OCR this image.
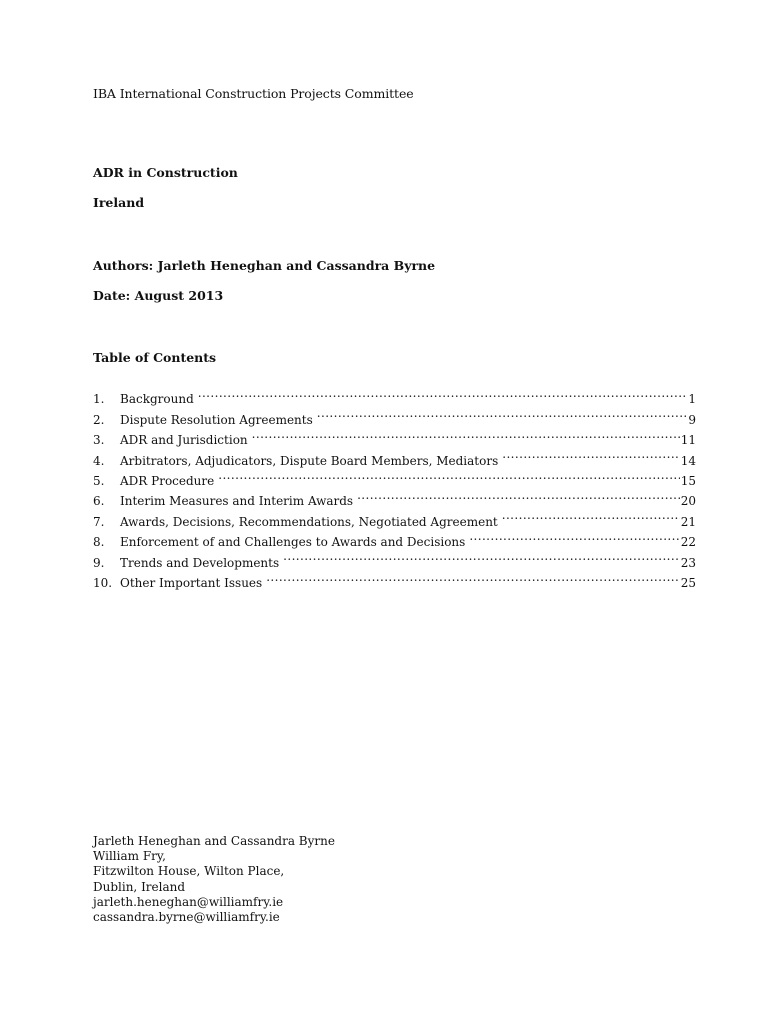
IBA International Construction Projects Committee
ADR in Construction
Ireland
Authors: Jarleth Heneghan and Cassandra Byrne
Date: August 2013
Table of Contents
1.	Background .....	1
2.	Dispute Resolution Agreements .....	9
3.	ADR and Jurisdiction .....	11
4.	Arbitrators, Adjudicators, Dispute Board Members, Mediators .....	14
5.	ADR Procedure .....	15
6.	Interim Measures and Interim Awards .....	20
7.	Awards, Decisions, Recommendations, Negotiated Agreement .....	21
8.	Enforcement of and Challenges to Awards and Decisions .....	22
9.	Trends and Developments .....	23
10. Other Important Issues .....	25
Jarleth Heneghan and Cassandra Byrne
William Fry,
Fitzwilton House, Wilton Place,
Dublin, Ireland
jarleth.heneghan@williamfry.ie
cassandra.byrne@williamfry.ie
